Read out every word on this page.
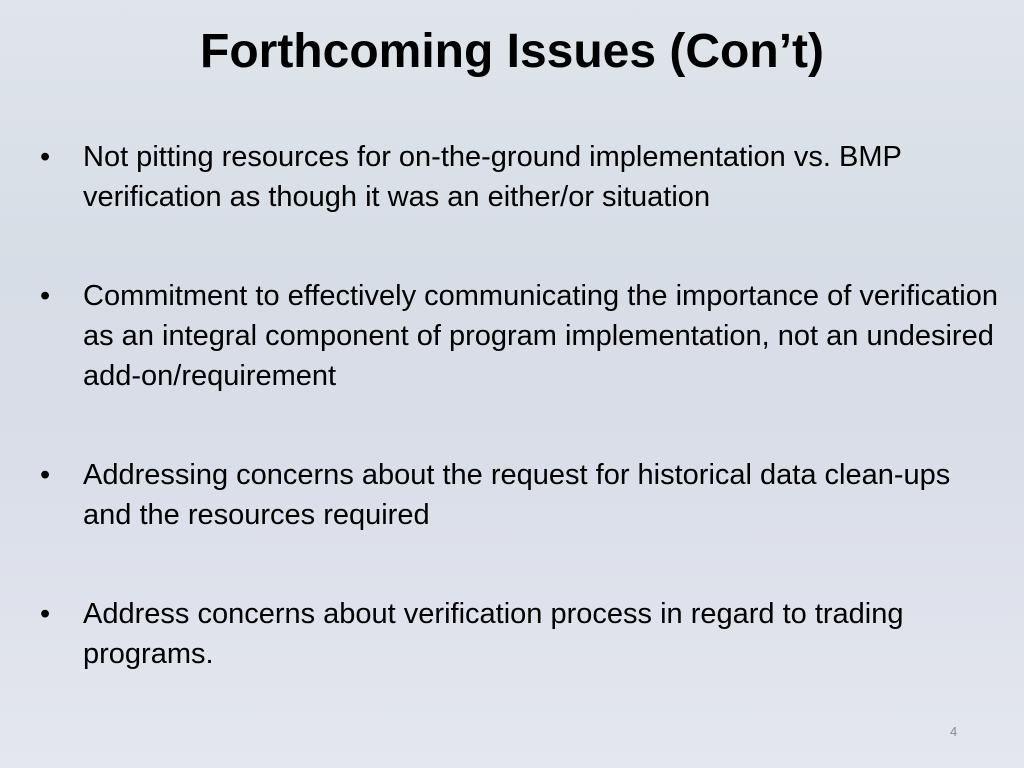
Forthcoming Issues (Con’t)
• Not pitting resources for on-the-ground implementation vs. BMP verification as though it was an either/or situation
• Commitment to effectively communicating the importance of verification as an integral component of program implementation, not an undesired add-on/requirement
• Addressing concerns about the request for historical data clean-ups and the resources required
• Address concerns about verification process in regard to trading programs.
4
